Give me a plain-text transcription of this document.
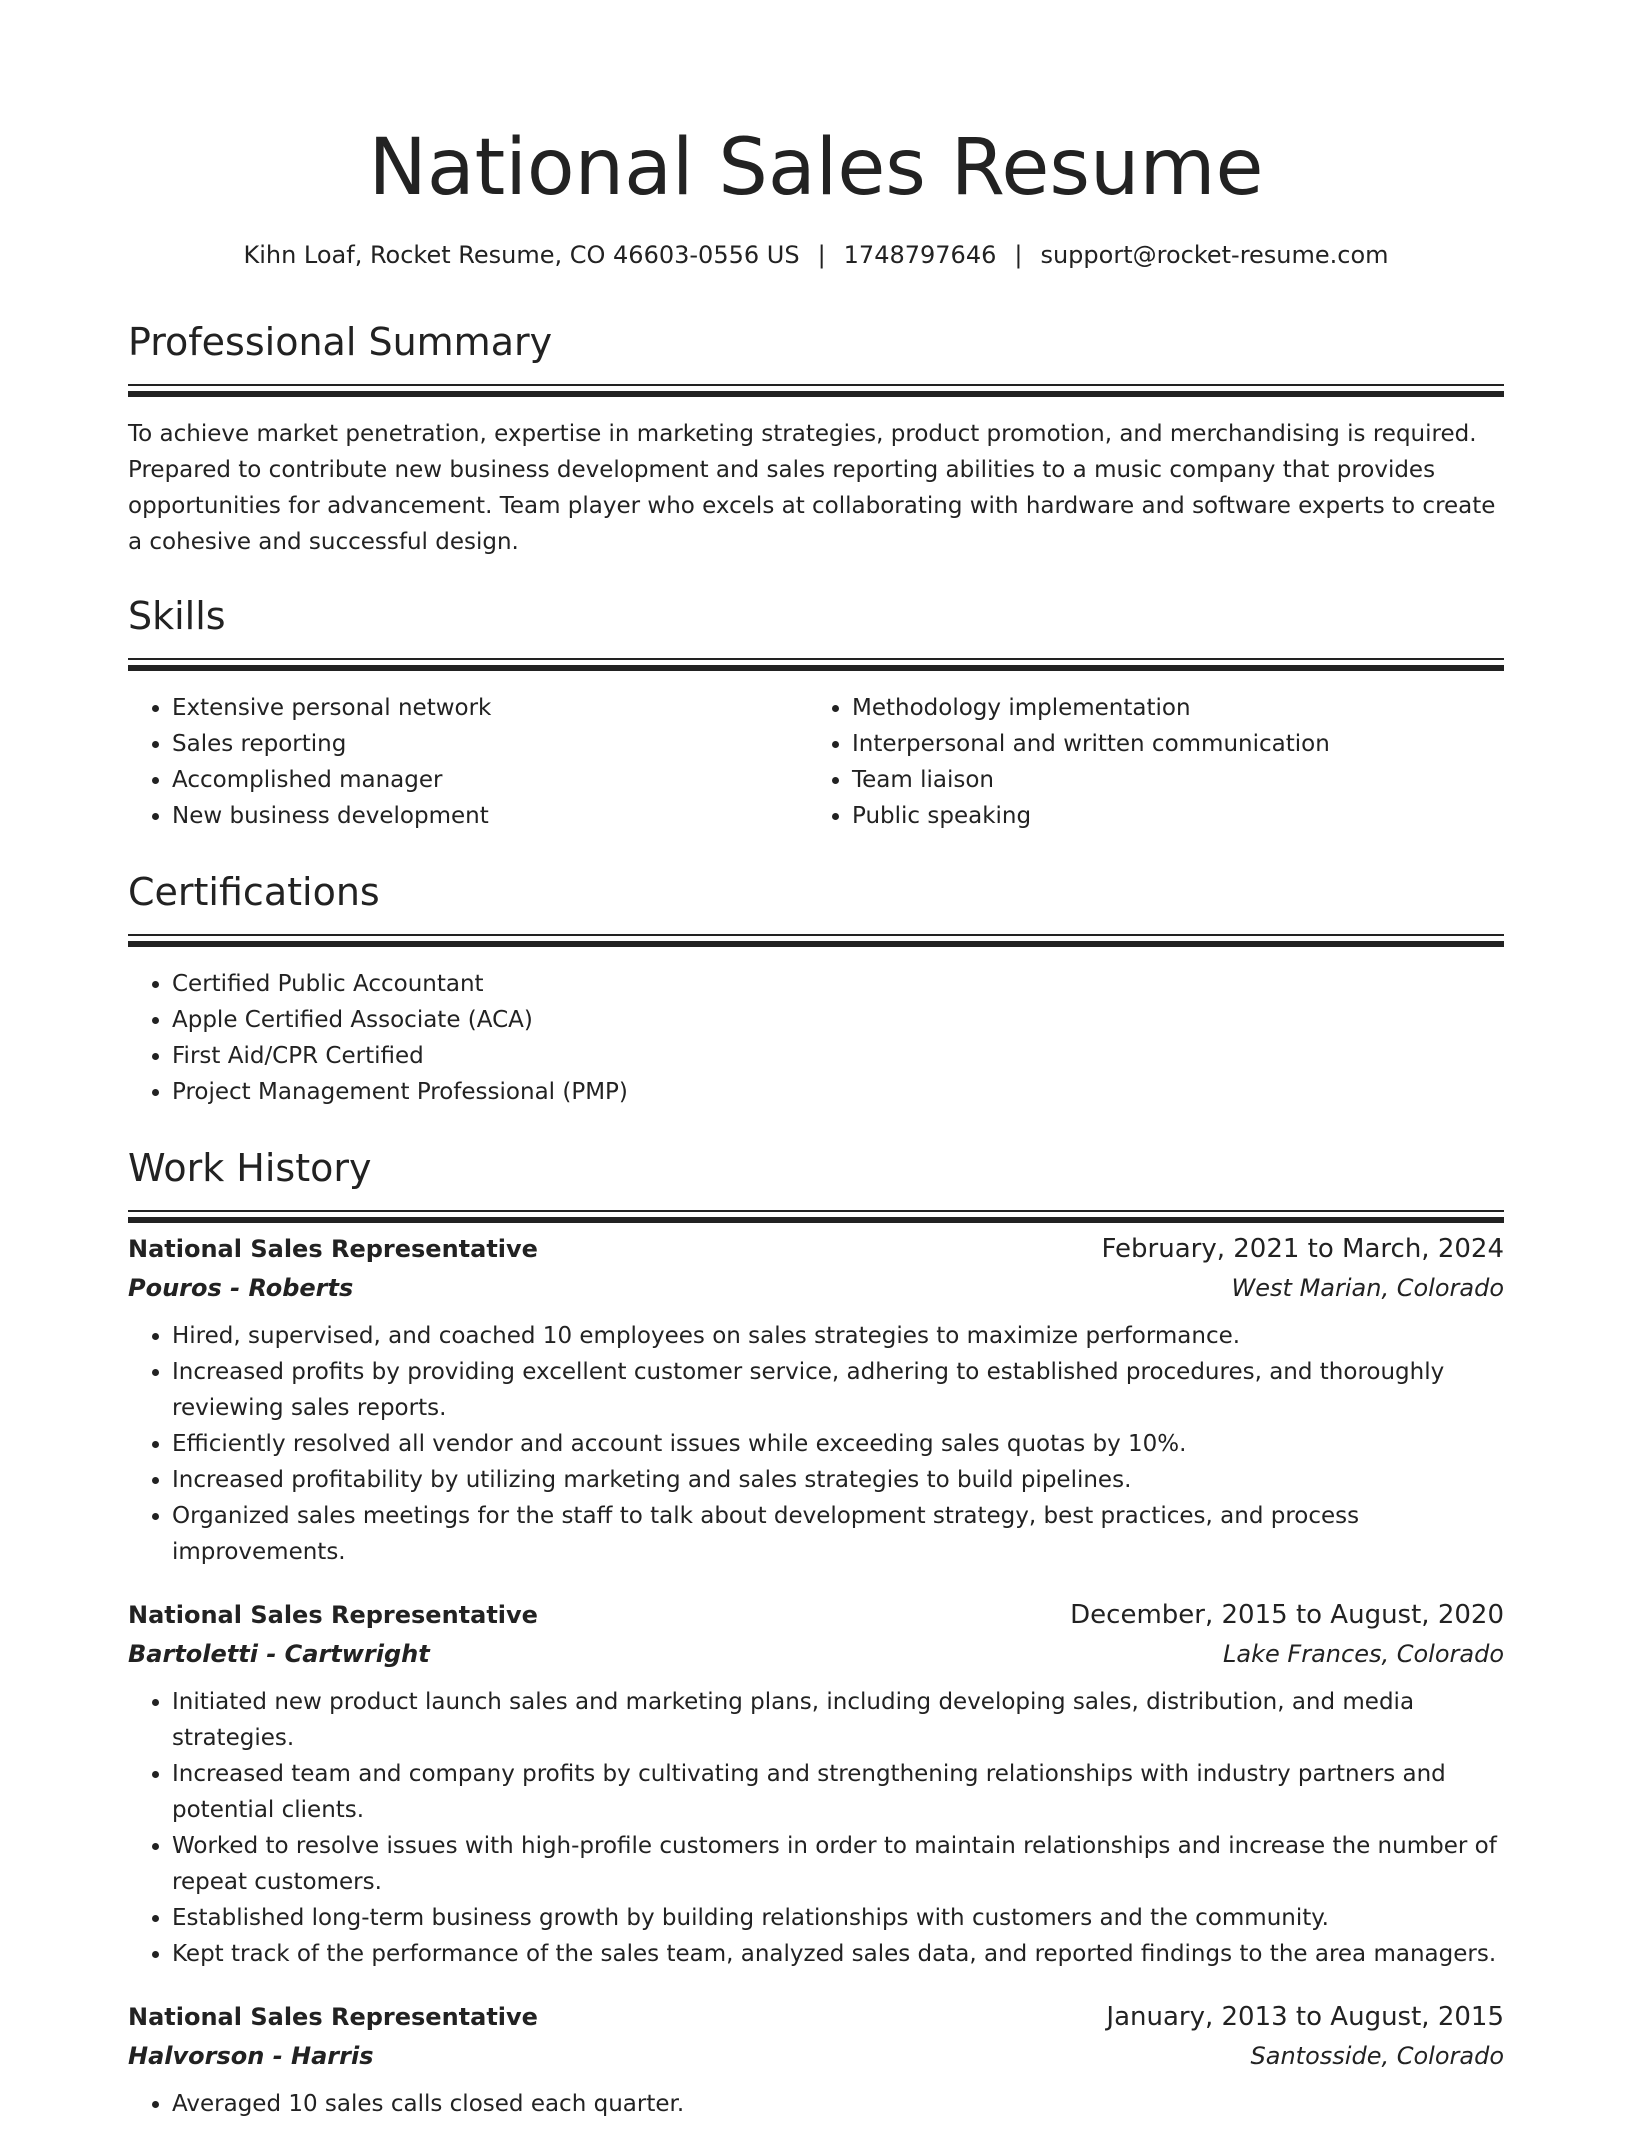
National Sales Resume
Kihn Loaf, Rocket Resume, CO 46603-0556 US | 1748797646 | support@rocket-resume.com
Professional Summary

To achieve market penetration, expertise in marketing strategies, product promotion, and merchandising is required. Prepared to contribute new business development and sales reporting abilities to a music company that provides opportunities for advancement. Team player who excels at collaborating with hardware and software experts to create a cohesive and successful design.

Skills
• Extensive personal network
• Sales reporting
• Accomplished manager
• New business development
• Methodology implementation
• Interpersonal and written communication
• Team liaison
• Public speaking
Certifications
• Certified Public Accountant
• Apple Certified Associate (ACA)
• First Aid/CPR Certified
• Project Management Professional (PMP)
Work History
National Sales Representative	February, 2021 to March, 2024
Pouros - Roberts	West Marian, Colorado
• Hired, supervised, and coached 10 employees on sales strategies to maximize performance.
• Increased profits by providing excellent customer service, adhering to established procedures, and thoroughly reviewing sales reports.
• Efficiently resolved all vendor and account issues while exceeding sales quotas by 10%.
• Increased profitability by utilizing marketing and sales strategies to build pipelines.
• Organized sales meetings for the staff to talk about development strategy, best practices, and process improvements.
National Sales Representative	December, 2015 to August, 2020
Bartoletti - Cartwright	Lake Frances, Colorado
• Initiated new product launch sales and marketing plans, including developing sales, distribution, and media strategies.
• Increased team and company profits by cultivating and strengthening relationships with industry partners and potential clients.
• Worked to resolve issues with high-profile customers in order to maintain relationships and increase the number of repeat customers.
• Established long-term business growth by building relationships with customers and the community.
• Kept track of the performance of the sales team, analyzed sales data, and reported findings to the area managers.
National Sales Representative	January, 2013 to August, 2015
Halvorson - Harris	Santosside, Colorado
• Averaged 10 sales calls closed each quarter.
